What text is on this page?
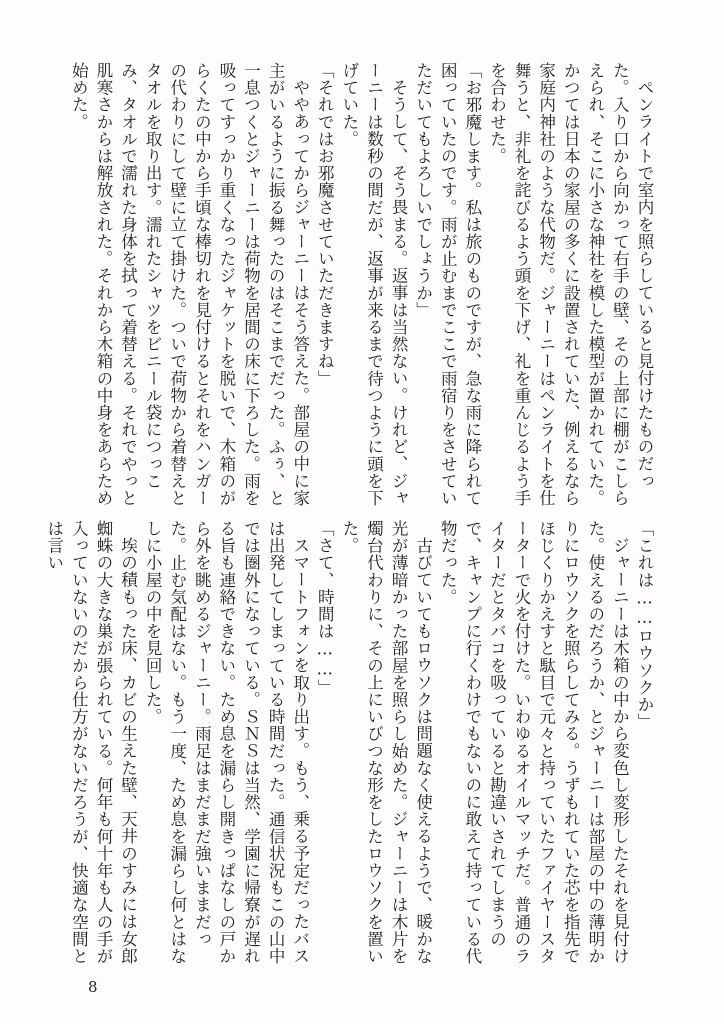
ペンライトで室内を照らしていると見付けたものだった。入り口から向かって右手の壁、その上部に棚がこしらえられ、そこに小さな神社を模した模型が置かれていた。かつては日本の家屋の多くに設置されていた、例えるなら家庭内神社のような代物だ。ジャーニーはペンライトを仕舞うと、非礼を詫びるよう頭を下げ、礼を重んじるよう手を合わせた。

「お邪魔します。私は旅のものですが、急な雨に降られて困っていたのです。雨が止むまでここで雨宿りをさせていただいてもよろしいでしょうか」

そうして、そう畏まる。返事は当然ない。けれど、ジャーニーは数秒の間だが、返事が来るまで待つように頭を下げていた。

「それではお邪魔させていただきますね」

ややあってからジャーニーはそう答えた。部屋の中に家主がいるように振る舞ったのはそこまでだった。ふぅ、と一息つくとジャーニーは荷物を居間の床に下ろした。雨を吸ってすっかり重くなったジャケットを脱いで、木箱のがらくたの中から手頃な棒切れを見付けるとそれをハンガーの代わりにして壁に立て掛けた。ついで荷物から着替えとタオルを取り出す。濡れたシャツをビニール袋につっこみ、タオルで濡れた身体を拭って着替える。それでやっと肌寒さからは解放された。それから木箱の中身をあらため始めた。

「これは……ロウソクか」

ジャーニーは木箱の中から変色し変形したそれを見付けた。使えるのだろうか、とジャーニーは部屋の中の薄明かりにロウソクを照らしてみる。うずもれていた芯を指先でほじくりかえすと駄目で元々と持っていたファイヤースターターで火を付けた。いわゆるオイルマッチだ。普通のライターだとタバコを吸っていると勘違いされてしまうので、キャンプに行くわけでもないのに敢えて持っている代物だった。

古びていてもロウソクは問題なく使えるようで、暖かな光が薄暗かった部屋を照らし始めた。ジャーニーは木片を燭台代わりに、その上にいびつな形をしたロウソクを置いた。

「さて、時間は……」

スマートフォンを取り出す。もう、乗る予定だったバスは出発してしまっている時間だった。通信状況もこの山中では圏外になっている。ＳＮＳは当然、学園に帰寮が遅れる旨も連絡できない。ため息を漏らし開きっぱなしの戸から外を眺めるジャーニー。雨足はまだまだ強いままだった。止む気配はない。もう一度、ため息を漏らし何とはなしに小屋の中を見回した。

埃の積もった床、カビの生えた壁、天井のすみには女郎蜘蛛の大きな巣が張られている。何年も何十年も人の手が入っていないのだから仕方がないだろうが、快適な空間とは言い

8
